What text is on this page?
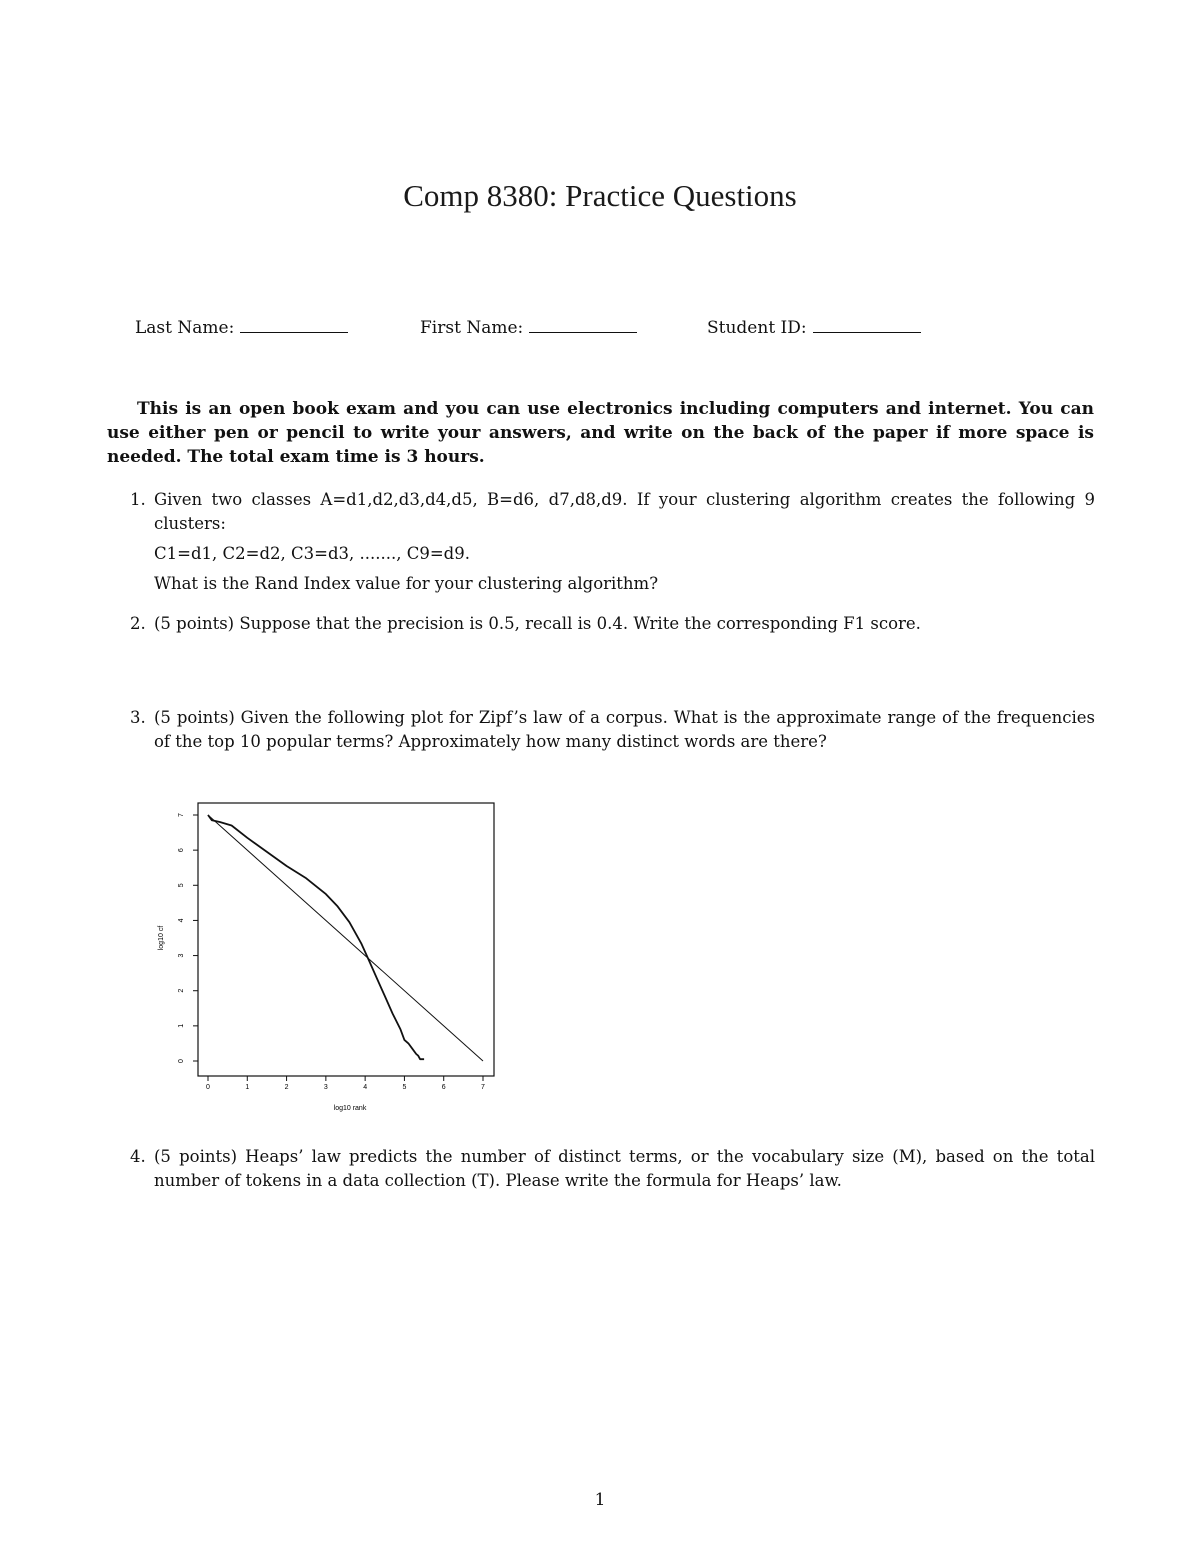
Comp 8380: Practice Questions
Last Name:	First Name:	Student ID:
This is an open book exam and you can use electronics including computers and internet. You can use either pen or pencil to write your answers, and write on the back of the paper if more space is needed. The total exam time is 3 hours.
1. Given two classes A=d1,d2,d3,d4,d5, B=d6, d7,d8,d9. If your clustering algorithm creates the following 9 clusters:

C1=d1, C2=d2, C3=d3, ......., C9=d9.

What is the Rand Index value for your clustering algorithm?

2. (5 points) Suppose that the precision is 0.5, recall is 0.4. Write the corresponding F1 score.

3. (5 points) Given the following plot for Zipf’s law of a corpus. What is the approximate range of the frequencies of the top 10 popular terms? Approximately how many distinct words are there?

0	1	2	3	4	5	6	7
0
1
2
3
4
5
6
7
log10 rank
log10 cf
4. (5 points) Heaps’ law predicts the number of distinct terms, or the vocabulary size (M), based on the total number of tokens in a data collection (T). Please write the formula for Heaps’ law.

1
